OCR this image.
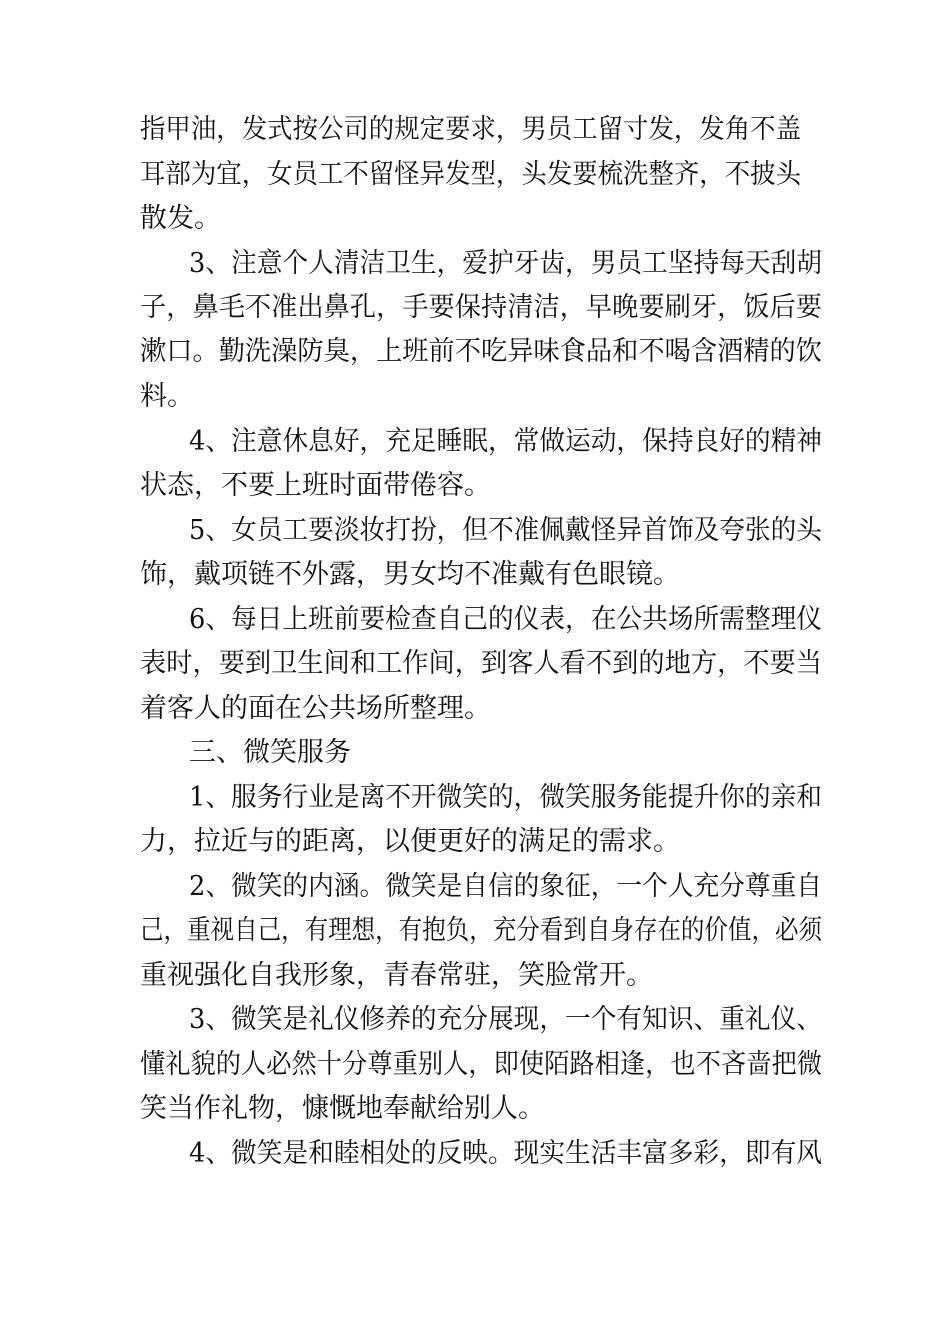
指甲油，发式按公司的规定要求，男员工留寸发，发角不盖
耳部为宜，女员工不留怪异发型，头发要梳洗整齐，不披头
散发。
3、注意个人清洁卫生，爱护牙齿，男员工坚持每天刮胡
子，鼻毛不准出鼻孔，手要保持清洁，早晚要刷牙，饭后要
漱口。勤洗澡防臭，上班前不吃异味食品和不喝含酒精的饮
料。
4、注意休息好，充足睡眠，常做运动，保持良好的精神
状态，不要上班时面带倦容。
5、女员工要淡妆打扮，但不准佩戴怪异首饰及夸张的头
饰，戴项链不外露，男女均不准戴有色眼镜。
6、每日上班前要检查自己的仪表，在公共场所需整理仪
表时，要到卫生间和工作间，到客人看不到的地方，不要当
着客人的面在公共场所整理。
三、微笑服务
1、服务行业是离不开微笑的，微笑服务能提升你的亲和
力，拉近与的距离，以便更好的满足的需求。
2、微笑的内涵。微笑是自信的象征，一个人充分尊重自
己，重视自己，有理想，有抱负，充分看到自身存在的价值，必须
重视强化自我形象，青春常驻，笑脸常开。
3、微笑是礼仪修养的充分展现，一个有知识、重礼仪、
懂礼貌的人必然十分尊重别人，即使陌路相逢，也不吝啬把微
笑当作礼物，慷慨地奉献给别人。
4、微笑是和睦相处的反映。现实生活丰富多彩，即有风
